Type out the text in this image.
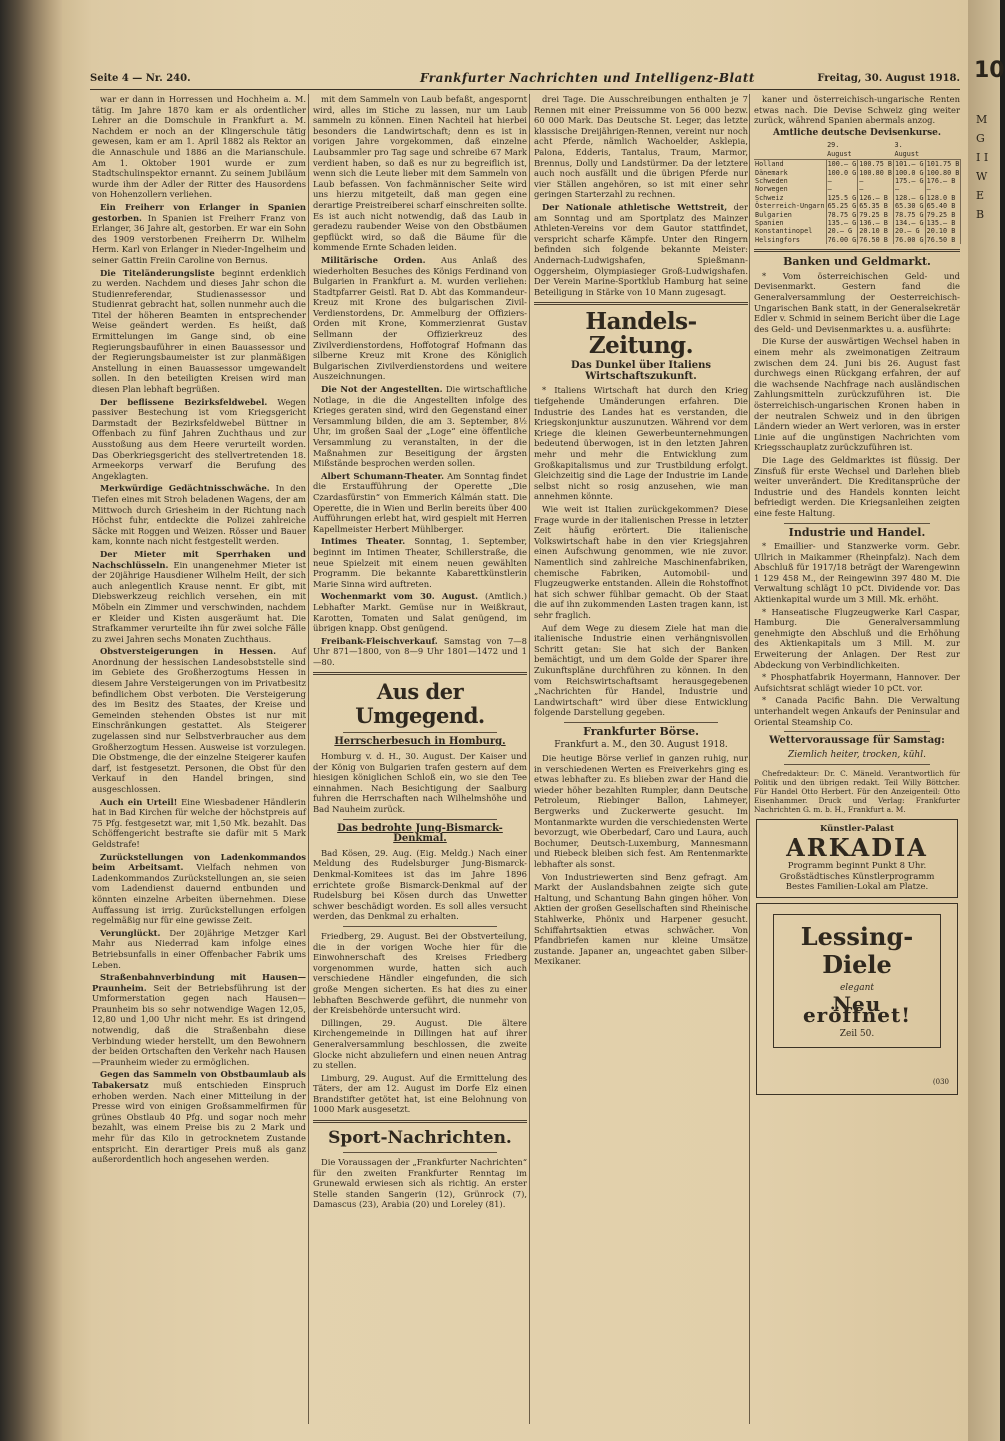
Seite 4 — Nr. 240.	Frankfurter Nachrichten und Intelligenz-Blatt	Freitag, 30. August 1918.

war er dann in Horressen und Hochheim a. M. tätig. Im Jahre 1870 kam er als ordentlicher Lehrer an die Domschule in Frankfurt a. M. Nachdem er noch an der Klingerschule tätig gewesen, kam er am 1. April 1882 als Rektor an die Annaschule und 1886 an die Marianschule. Am 1. Oktober 1901 wurde er zum Stadtschulinspektor ernannt. Zu seinem Jubiläum wurde ihm der Adler der Ritter des Hausordens von Hohenzollern verliehen.

Ein Freiherr von Erlanger in Spanien gestorben. In Spanien ist Freiherr Franz von Erlanger, 36 Jahre alt, gestorben. Er war ein Sohn des 1909 verstorbenen Freiherrn Dr. Wilhelm Herm. Karl von Erlanger in Nieder-Ingelheim und seiner Gattin Freiin Caroline von Bernus.

Die Titeländerungsliste beginnt erdenklich zu werden. Nachdem und dieses Jahr schon die Studienreferendar, Studienassessor und Studienrat gebracht hat, sollen nunmehr auch die Titel der höheren Beamten in entsprechender Weise geändert werden. Es heißt, daß Ermittelungen im Gange sind, ob eine Regierungsbauführer in einen Bauassessor und der Regierungsbaumeister ist zur planmäßigen Anstellung in einen Bauassessor umgewandelt sollen. In den beteiligten Kreisen wird man diesen Plan lebhaft begrüßen.

Der beflissene Bezirksfeldwebel. Wegen passiver Bestechung ist vom Kriegsgericht Darmstadt der Bezirksfeldwebel Büttner in Offenbach zu fünf Jahren Zuchthaus und zur Ausstoßung aus dem Heere verurteilt worden. Das Oberkriegsgericht des stellvertretenden 18. Armeekorps verwarf die Berufung des Angeklagten.

Merkwürdige Gedächtnisschwäche. In den Tiefen eines mit Stroh beladenen Wagens, der am Mittwoch durch Griesheim in der Richtung nach Höchst fuhr, entdeckte die Polizei zahlreiche Säcke mit Roggen und Weizen. Rösser und Bauer kam, konnte nach nicht festgestellt werden.

Der Mieter mit Sperrhaken und Nachschlüsseln. Ein unangenehmer Mieter ist der 20jährige Hausdiener Wilhelm Heilt, der sich auch anlegentlich Krause nennt. Er gibt, mit Diebswerkzeug reichlich versehen, ein mit Möbeln ein Zimmer und verschwinden, nachdem er Kleider und Kisten ausgeräumt hat. Die Strafkammer verurteilte ihn für zwei solche Fälle zu zwei Jahren sechs Monaten Zuchthaus.

Obstversteigerungen in Hessen. Auf Anordnung der hessischen Landesobststelle sind im Gebiete des Großherzogtums Hessen in diesem Jahre Versteigerungen von im Privatbesitz befindlichem Obst verboten. Die Versteigerung des im Besitz des Staates, der Kreise und Gemeinden stehenden Obstes ist nur mit Einschränkungen gestattet. Als Steigerer zugelassen sind nur Selbstverbraucher aus dem Großherzogtum Hessen. Ausweise ist vorzulegen. Die Obstmenge, die der einzelne Steigerer kaufen darf, ist festgesetzt. Personen, die Obst für den Verkauf in den Handel bringen, sind ausgeschlossen.

Auch ein Urteil! Eine Wiesbadener Händlerin hat in Bad Kirchen für welche der höchstpreis auf 75 Pfg. festgesetzt war, mit 1,50 Mk. bezahlt. Das Schöffengericht bestrafte sie dafür mit 5 Mark Geldstrafe!

Zurückstellungen von Ladenkommandos beim Arbeitsamt. Vielfach nehmen von Ladenkommandos Zurückstellungen an, sie seien vom Ladendienst dauernd entbunden und könnten einzelne Arbeiten übernehmen. Diese Auffassung ist irrig. Zurückstellungen erfolgen regelmäßig nur für eine gewisse Zeit.

Verunglückt. Der 20jährige Metzger Karl Mahr aus Niederrad kam infolge eines Betriebsunfalls in einer Offenbacher Fabrik ums Leben.

Straßenbahnverbindung mit Hausen—Praunheim. Seit der Betriebsführung ist der Umformerstation gegen nach Hausen—Praunheim bis so sehr notwendige Wagen 12,05, 12,80 und 1,00 Uhr nicht mehr. Es ist dringend notwendig, daß die Straßenbahn diese Verbindung wieder herstellt, um den Bewohnern der beiden Ortschaften den Verkehr nach Hausen—Praunheim wieder zu ermöglichen.

Gegen das Sammeln von Obstbaumlaub als Tabakersatz muß entschieden Einspruch erhoben werden. Nach einer Mitteilung in der Presse wird von einigen Großsammelfirmen für grünes Obstlaub 40 Pfg. und sogar noch mehr bezahlt, was einem Preise bis zu 2 Mark und mehr für das Kilo in getrocknetem Zustande entspricht. Ein derartiger Preis muß als ganz außerordentlich hoch angesehen werden.

mit dem Sammeln von Laub befaßt, angespornt wird, alles im Stiche zu lassen, nur um Laub sammeln zu können. Einen Nachteil hat hierbei besonders die Landwirtschaft; denn es ist in vorigen Jahre vorgekommen, daß einzelne Laubsammler pro Tag sage und schreibe 67 Mark verdient haben, so daß es nur zu begreiflich ist, wenn sich die Leute lieber mit dem Sammeln von Laub befassen. Von fachmännischer Seite wird uns hierzu mitgeteilt, daß man gegen eine derartige Preistreiberei scharf einschreiten sollte. Es ist auch nicht notwendig, daß das Laub in geradezu raubender Weise von den Obstbäumen gepflückt wird, so daß die Bäume für die kommende Ernte Schaden leiden.

Militärische Orden. Aus Anlaß des wiederholten Besuches des Königs Ferdinand von Bulgarien in Frankfurt a. M. wurden verliehen: Stadtpfarrer Geistl. Rat D. Abt das Kommandeur-Kreuz mit Krone des bulgarischen Zivil-Verdienstordens, Dr. Ammelburg der Offiziers-Orden mit Krone, Kommerzienrat Gustav Sellmann der Offizierkreuz des Zivilverdienstordens, Hoffotograf Hofmann das silberne Kreuz mit Krone des Königlich Bulgarischen Zivilverdienstordens und weitere Auszeichnungen.

Die Not der Angestellten. Die wirtschaftliche Notlage, in die die Angestellten infolge des Krieges geraten sind, wird den Gegenstand einer Versammlung bilden, die am 3. September, 8½ Uhr, im großen Saal der „Loge“ eine öffentliche Versammlung zu veranstalten, in der die Maßnahmen zur Beseitigung der ärgsten Mißstände besprochen werden sollen.

Albert Schumann-Theater. Am Sonntag findet die Erstaufführung der Operette „Die Czardasfürstin“ von Emmerich Kálmán statt. Die Operette, die in Wien und Berlin bereits über 400 Aufführungen erlebt hat, wird gespielt mit Herren Kapellmeister Herbert Mühlberger.

Intimes Theater. Sonntag, 1. September, beginnt im Intimen Theater, Schillerstraße, die neue Spielzeit mit einem neuen gewählten Programm. Die bekannte Kabarettkünstlerin Marie Sinna wird auftreten.

Wochenmarkt vom 30. August. (Amtlich.) Lebhafter Markt. Gemüse nur in Weißkraut, Karotten, Tomaten und Salat genügend, im übrigen knapp. Obst genügend.

Freibank-Fleischverkauf. Samstag von 7—8 Uhr 871—1800, von 8—9 Uhr 1801—1472 und 1—80.

Aus der Umgegend.
Herrscherbesuch in Homburg.

Homburg v. d. H., 30. August. Der Kaiser und der König von Bulgarien trafen gestern auf dem hiesigen königlichen Schloß ein, wo sie den Tee einnahmen. Nach Besichtigung der Saalburg fuhren die Herrschaften nach Wilhelmshöhe und Bad Nauheim zurück.

Das bedrohte Jung-Bismarck-Denkmal.

Bad Kösen, 29. Aug. (Eig. Meldg.) Nach einer Meldung des Rudelsburger Jung-Bismarck-Denkmal-Komitees ist das im Jahre 1896 errichtete große Bismarck-Denkmal auf der Rudelsburg bei Kösen durch das Unwetter schwer beschädigt worden. Es soll alles versucht werden, das Denkmal zu erhalten.

Friedberg, 29. August. Bei der Obstverteilung, die in der vorigen Woche hier für die Einwohnerschaft des Kreises Friedberg vorgenommen wurde, hatten sich auch verschiedene Händler eingefunden, die sich große Mengen sicherten. Es hat dies zu einer lebhaften Beschwerde geführt, die nunmehr von der Kreisbehörde untersucht wird.

Dillingen, 29. August. Die ältere Kirchengemeinde in Dillingen hat auf ihrer Generalversammlung beschlossen, die zweite Glocke nicht abzuliefern und einen neuen Antrag zu stellen.

Limburg, 29. August. Auf die Ermittelung des Täters, der am 12. August im Dorfe Elz einen Brandstifter getötet hat, ist eine Belohnung von 1000 Mark ausgesetzt.

Sport-Nachrichten.

Die Voraussagen der „Frankfurter Nachrichten“ für den zweiten Frankfurter Renntag im Grunewald erwiesen sich als richtig. An erster Stelle standen Sangerin (12), Grünrock (7), Damascus (23), Arabia (20) und Loreley (81).

drei Tage. Die Ausschreibungen enthalten je 7 Rennen mit einer Preissumme von 56 000 bezw. 60 000 Mark. Das Deutsche St. Leger, das letzte klassische Dreijährigen-Rennen, vereint nur noch acht Pferde, nämlich Wachoelder, Asklepia, Palona, Edderis, Tantalus, Traum, Marmor, Brennus, Dolly und Landstürmer. Da der letztere auch noch ausfällt und die übrigen Pferde nur vier Ställen angehören, so ist mit einer sehr geringen Starterzahl zu rechnen.

Der Nationale athletische Wettstreit, der am Sonntag und am Sportplatz des Mainzer Athleten-Vereins vor dem Gautor stattfindet, verspricht scharfe Kämpfe. Unter den Ringern befinden sich folgende bekannte Meister: Andernach-Ludwigshafen, Spießmann-Oggersheim, Olympiasieger Groß-Ludwigshafen. Der Verein Marine-Sportklub Hamburg hat seine Beteiligung in Stärke von 10 Mann zugesagt.

Handels-Zeitung.
Das Dunkel über Italiens Wirtschaftszukunft.

* Italiens Wirtschaft hat durch den Krieg tiefgehende Umänderungen erfahren. Die Industrie des Landes hat es verstanden, die Kriegskonjunktur auszunutzen. Während vor dem Kriege die kleinen Gewerbeunternehmungen bedeutend überwogen, ist in den letzten Jahren mehr und mehr die Entwicklung zum Großkapitalismus und zur Trustbildung erfolgt. Gleichzeitig sind die Lage der Industrie im Lande selbst nicht so rosig anzusehen, wie man annehmen könnte.

Wie weit ist Italien zurückgekommen? Diese Frage wurde in der italienischen Presse in letzter Zeit häufig erörtert. Die italienische Volkswirtschaft habe in den vier Kriegsjahren einen Aufschwung genommen, wie nie zuvor. Namentlich sind zahlreiche Maschinenfabriken, chemische Fabriken, Automobil- und Flugzeugwerke entstanden. Allein die Rohstoffnot hat sich schwer fühlbar gemacht. Ob der Staat die auf ihn zukommenden Lasten tragen kann, ist sehr fraglich.

Auf dem Wege zu diesem Ziele hat man die italienische Industrie einen verhängnisvollen Schritt getan: Sie hat sich der Banken bemächtigt, und um dem Golde der Sparer ihre Zukunftspläne durchführen zu können. In den vom Reichswirtschaftsamt herausgegebenen „Nachrichten für Handel, Industrie und Landwirtschaft“ wird über diese Entwicklung folgende Darstellung gegeben.

Frankfurter Börse.
Frankfurt a. M., den 30. August 1918.

Die heutige Börse verlief in ganzen ruhig, nur in verschiedenen Werten es Freiverkehrs ging es etwas lebhafter zu. Es blieben zwar der Hand die wieder höher bezahlten Rumpler, dann Deutsche Petroleum, Riebinger Ballon, Lahmeyer, Bergwerks und Zuckerwerte gesucht. Im Montanmarkte wurden die verschiedensten Werte bevorzugt, wie Oberbedarf, Caro und Laura, auch Bochumer, Deutsch-Luxemburg, Mannesmann und Riebeck bleiben sich fest. Am Rentenmarkte lebhafter als sonst.

Von Industriewerten sind Benz gefragt. Am Markt der Auslandsbahnen zeigte sich gute Haltung, und Schantung Bahn gingen höher. Von Aktien der großen Gesellschaften sind Rheinische Stahlwerke, Phönix und Harpener gesucht. Schiffahrtsaktien etwas schwächer. Von Pfandbriefen kamen nur kleine Umsätze zustande. Japaner an, ungeachtet gaben Silber-Mexikaner.

kaner und österreichisch-ungarische Renten etwas nach. Die Devise Schweiz ging weiter zurück, während Spanien abermals anzog.

Amtliche deutsche Devisenkurse.
	29. August		3. August	
Holland	100.— G	100.75 B	101.— G	101.75 B
Dänemark	100.0 G	100.80 B	100.0 G	100.80 B
Schweden	—	—	175.— G	176.— B
Norwegen	—	—	—	—
Schweiz	125.5 G	126.— B	128.— G	128.0 B
Österreich-Ungarn	65.25 G	65.35 B	65.30 G	65.40 B
Bulgarien	78.75 G	79.25 B	78.75 G	79.25 B
Spanien	135.— G	136.— B	134.— G	135.— B
Konstantinopel	20.— G	20.10 B	20.— G	20.10 B
Helsingfors	76.00 G	76.50 B	76.00 G	76.50 B
Banken und Geldmarkt.

* Vom österreichischen Geld- und Devisenmarkt. Gestern fand die Generalversammlung der Oesterreichisch-Ungarischen Bank statt, in der Generalsekretär Edler v. Schmid in seinem Bericht über die Lage des Geld- und Devisenmarktes u. a. ausführte:

Die Kurse der auswärtigen Wechsel haben in einem mehr als zweimonatigen Zeitraum zwischen dem 24. Juni bis 26. August fast durchwegs einen Rückgang erfahren, der auf die wachsende Nachfrage nach ausländischen Zahlungsmitteln zurückzuführen ist. Die österreichisch-ungarischen Kronen haben in der neutralen Schweiz und in den übrigen Ländern wieder an Wert verloren, was in erster Linie auf die ungünstigen Nachrichten vom Kriegsschauplatz zurückzuführen ist.

Die Lage des Geldmarktes ist flüssig. Der Zinsfuß für erste Wechsel und Darlehen blieb weiter unverändert. Die Kreditansprüche der Industrie und des Handels konnten leicht befriedigt werden. Die Kriegsanleihen zeigten eine feste Haltung.

Industrie und Handel.

* Emaillier- und Stanzwerke vorm. Gebr. Ullrich in Maikammer (Rheinpfalz). Nach dem Abschluß für 1917/18 beträgt der Warengewinn 1 129 458 M., der Reingewinn 397 480 M. Die Verwaltung schlägt 10 pCt. Dividende vor. Das Aktienkapital wurde um 3 Mill. Mk. erhöht.

* Hanseatische Flugzeugwerke Karl Caspar, Hamburg. Die Generalversammlung genehmigte den Abschluß und die Erhöhung des Aktienkapitals um 3 Mill. M. zur Erweiterung der Anlagen. Der Rest zur Abdeckung von Verbindlichkeiten.

* Phosphatfabrik Hoyermann, Hannover. Der Aufsichtsrat schlägt wieder 10 pCt. vor.

* Canada Pacific Bahn. Die Verwaltung unterhandelt wegen Ankaufs der Peninsular and Oriental Steamship Co.

Wettervoraussage für Samstag:
Ziemlich heiter, trocken, kühl.

Chefredakteur: Dr. C. Mäneld. Verantwortlich für Politik und den übrigen redakt. Teil Willy Böttcher. Für Handel Otto Herbert. Für den Anzeigenteil: Otto Eisenhammer. Druck und Verlag: Frankfurter Nachrichten G. m. b. H., Frankfurt a. M.

Künstler-Palast
ARKADIA
Programm beginnt Punkt 8 Uhr.
Großstädtisches Künstlerprogramm
Bestes Familien-Lokal am Platze.
Lessing-Diele
elegant
Neu eröffnet!
Zeil 50.
(030
10
M G I I W E B
